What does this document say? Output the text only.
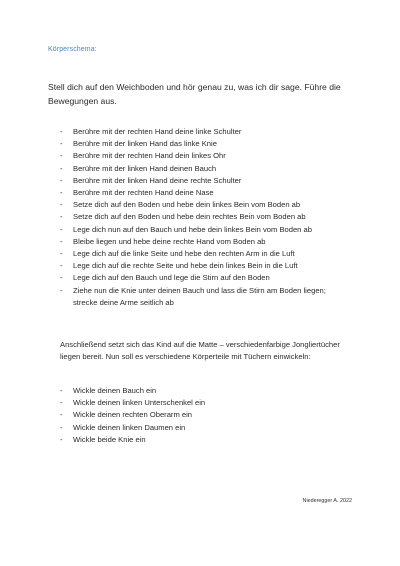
Körperschema:
Stell dich auf den Weichboden und hör genau zu, was ich dir sage. Führe die Bewegungen aus.
- Berühre mit der rechten Hand deine linke Schulter
- Berühre mit der linken Hand das linke Knie
- Berühre mit der rechten Hand dein linkes Ohr
- Berühre mit der linken Hand deinen Bauch
- Berühre mit der linken Hand deine rechte Schulter
- Berühre mit der rechten Hand deine Nase
- Setze dich auf den Boden und hebe dein linkes Bein vom Boden ab
- Setze dich auf den Boden und hebe dein rechtes Bein vom Boden ab
- Lege dich nun auf den Bauch und hebe dein linkes Bein vom Boden ab
- Bleibe liegen und hebe deine rechte Hand vom Boden ab
- Lege dich auf die linke Seite und hebe den rechten Arm in die Luft
- Lege dich auf die rechte Seite und hebe dein linkes Bein in die Luft
- Lege dich auf den Bauch und lege die Stirn auf den Boden
- Ziehe nun die Knie unter deinen Bauch und lass die Stirn am Boden liegen; strecke deine Arme seitlich ab
Anschließend setzt sich das Kind auf die Matte – verschiedenfarbige Jongliertücher liegen bereit. Nun soll es verschiedene Körperteile mit Tüchern einwickeln:
- Wickle deinen Bauch ein
- Wickle deinen linken Unterschenkel ein
- Wickle deinen rechten Oberarm ein
- Wickle deinen linken Daumen ein
- Wickle beide Knie ein
Niederegger A. 2022
